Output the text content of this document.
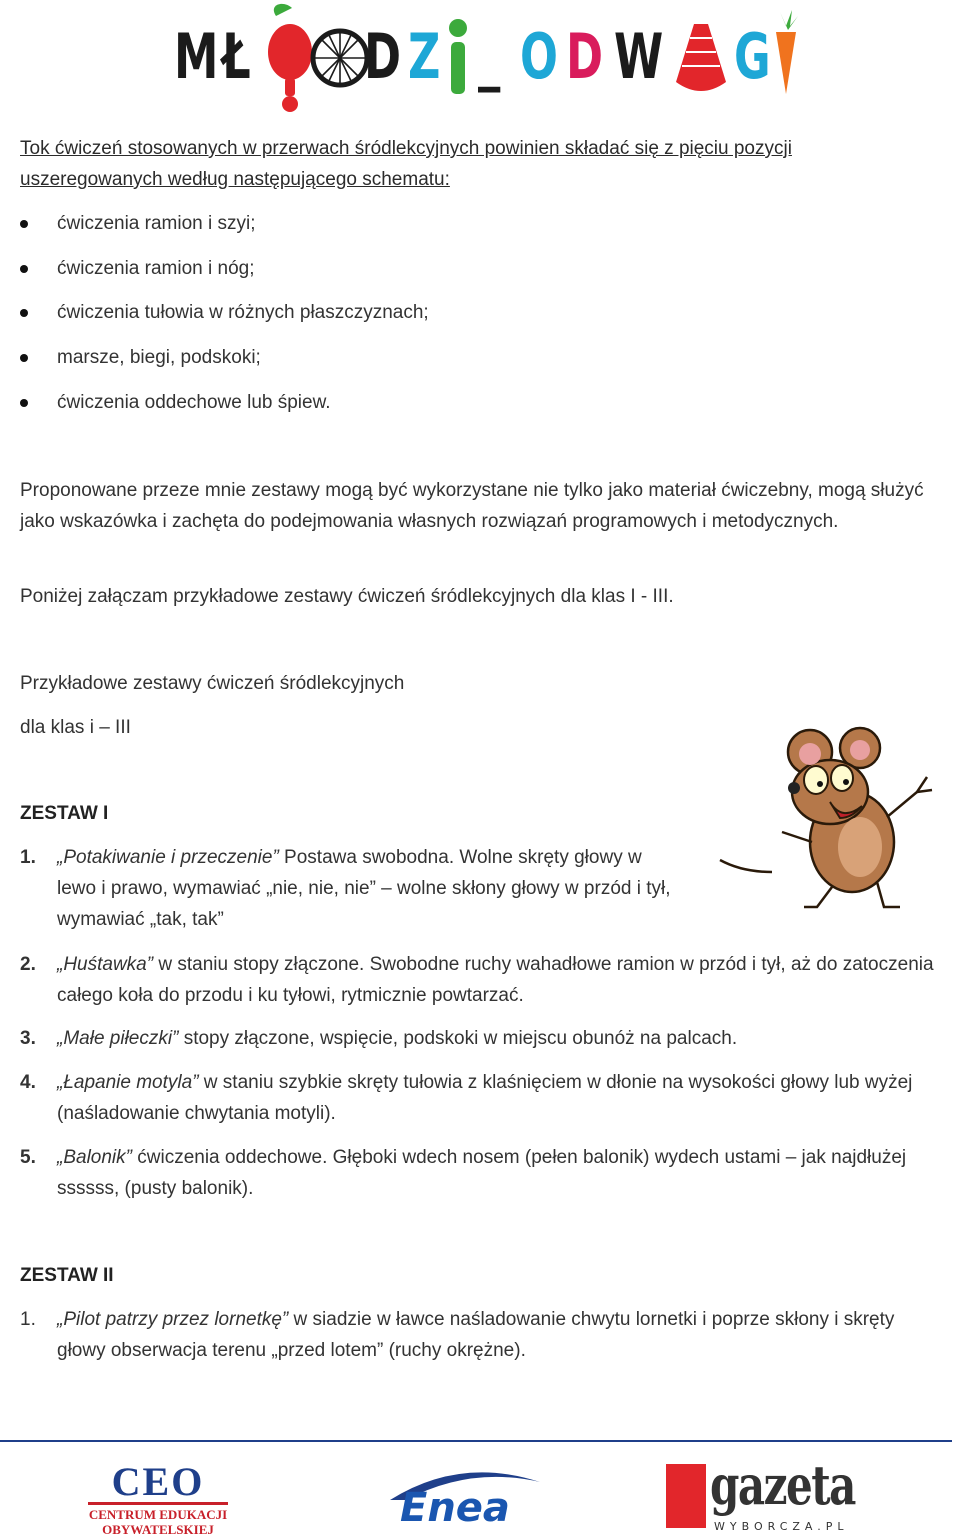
M Ł D Z _ O D W G
Tok ćwiczeń stosowanych w przerwach śródlekcyjnych powinien składać się z pięciu pozycji uszeregowanych według następującego schematu:
ćwiczenia ramion i szyi;
ćwiczenia ramion i nóg;
ćwiczenia tułowia w różnych płaszczyznach;
marsze, biegi, podskoki;
ćwiczenia oddechowe lub śpiew.
Proponowane przeze mnie zestawy mogą być wykorzystane nie tylko jako materiał ćwiczebny, mogą służyć jako wskazówka i zachęta do podejmowania własnych rozwiązań programowych i metodycznych.
Poniżej załączam przykładowe zestawy ćwiczeń śródlekcyjnych dla klas I - III.
Przykładowe zestawy ćwiczeń śródlekcyjnych
dla klas i – III
ZESTAW I
1. „Potakiwanie i przeczenie” Postawa swobodna. Wolne skręty głowy w
lewo i prawo, wymawiać „nie, nie, nie” – wolne skłony głowy w przód i tył,
wymawiać „tak, tak”
2. „Huśtawka” w staniu stopy złączone. Swobodne ruchy wahadłowe ramion w przód i tył, aż do zatoczenia całego koła do przodu i ku tyłowi, rytmicznie powtarzać.
3. „Małe piłeczki” stopy złączone, wspięcie, podskoki w miejscu obunóż na palcach.
4. „Łapanie motyla” w staniu szybkie skręty tułowia z klaśnięciem w dłonie na wysokości głowy lub wyżej (naśladowanie chwytania motyli).
5. „Balonik” ćwiczenia oddechowe. Głęboki wdech nosem (pełen balonik) wydech ustami – jak najdłużej ssssss, (pusty balonik).
ZESTAW II
1. „Pilot patrzy przez lornetkę” w siadzie w ławce naśladowanie chwytu lornetki i poprze skłony i skręty głowy obserwacja terenu „przed lotem” (ruchy okrężne).
CEO
CENTRUM EDUKACJI
OBYWATELSKIEJ	Enea	gazeta
WYBORCZA.PL
